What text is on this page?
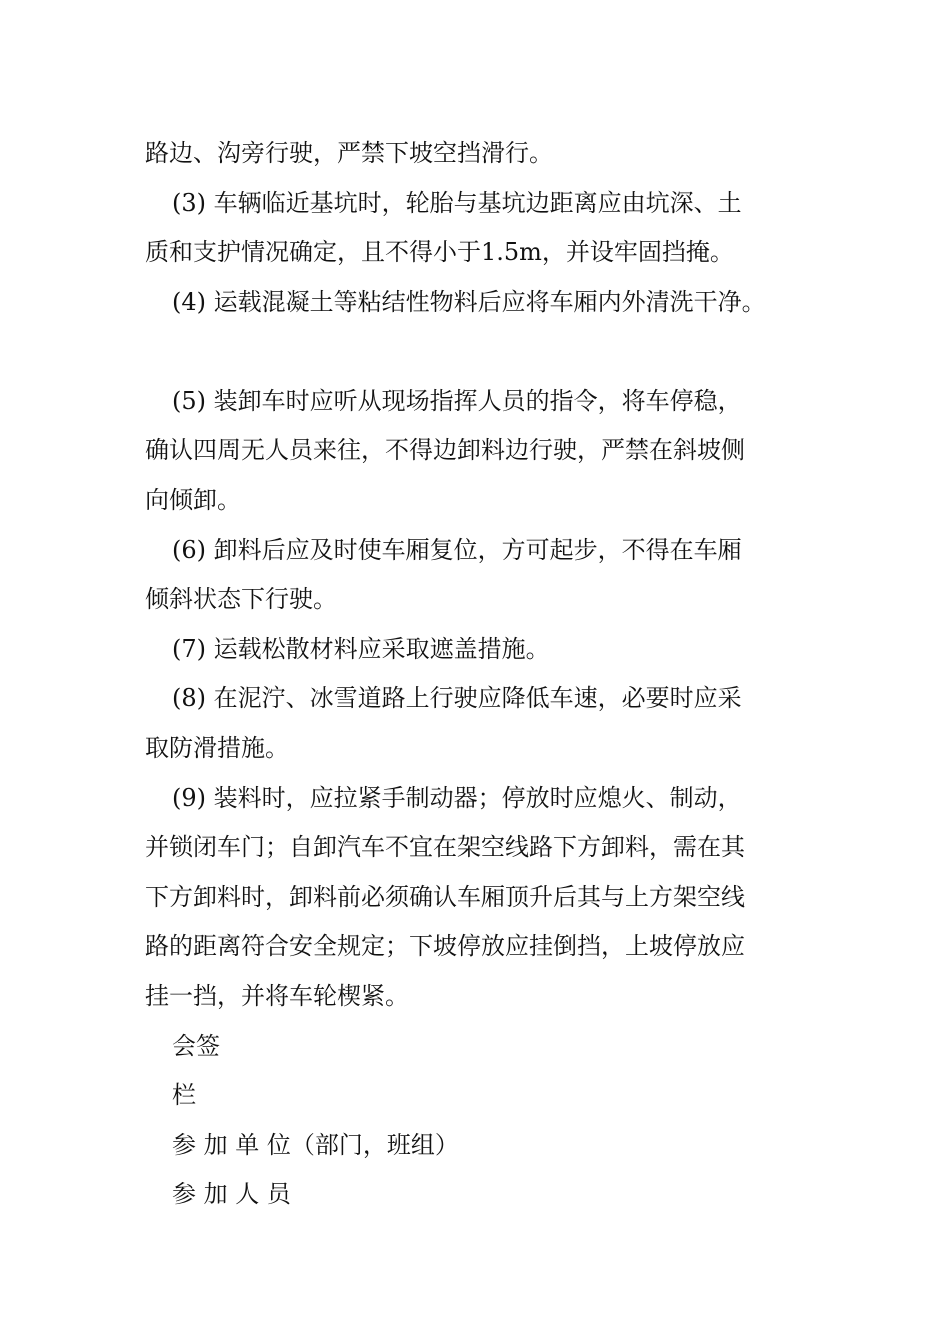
路边、沟旁行驶，严禁下坡空挡滑行。
(3) 车辆临近基坑时，轮胎与基坑边距离应由坑深、土
质和支护情况确定，且不得小于1.5m，并设牢固挡掩。
(4) 运载混凝土等粘结性物料后应将车厢内外清洗干净。
(5) 装卸车时应听从现场指挥人员的指令，将车停稳，
确认四周无人员来往，不得边卸料边行驶，严禁在斜坡侧
向倾卸。
(6) 卸料后应及时使车厢复位，方可起步，不得在车厢
倾斜状态下行驶。
(7) 运载松散材料应采取遮盖措施。
(8) 在泥泞、冰雪道路上行驶应降低车速，必要时应采
取防滑措施。
(9) 装料时，应拉紧手制动器；停放时应熄火、制动，
并锁闭车门；自卸汽车不宜在架空线路下方卸料，需在其
下方卸料时，卸料前必须确认车厢顶升后其与上方架空线
路的距离符合安全规定；下坡停放应挂倒挡，上坡停放应
挂一挡，并将车轮楔紧。
会签
栏
参 加 单 位（部门，班组）
参 加 人 员
